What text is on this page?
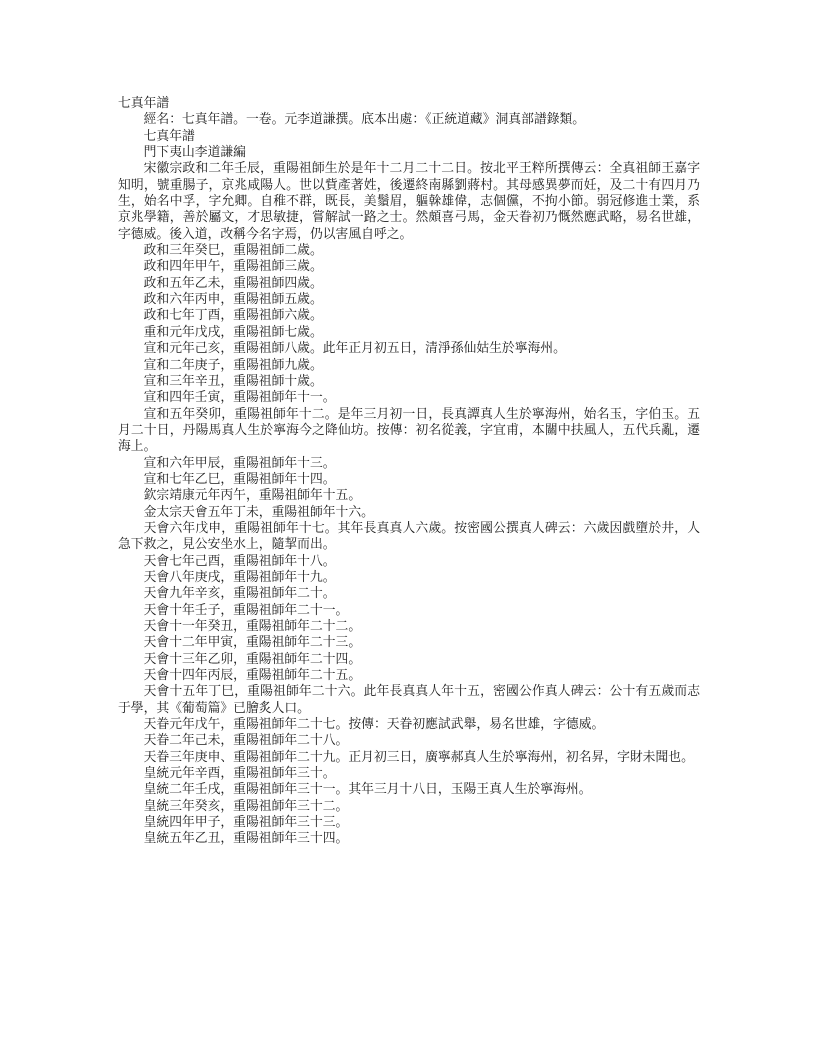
七真年譜

經名：七真年譜。一卷。元李道謙撰。底本出處：《正統道藏》洞真部譜錄類。

七真年譜

門下夷山李道謙編

宋徽宗政和二年壬辰，重陽祖師生於是年十二月二十二日。按北平王粹所撰傳云：全真祖師王嘉字知明，號重腸子，京兆咸陽人。世以貲產著姓，後遷終南縣劉蔣村。其母感異夢而妊，及二十有四月乃生，始名中孚，字允卿。自稚不群，既長，美鬚眉，軀榦雄偉，志個儻，不拘小節。弱冠修進士業，系京兆學籍，善於屬文，才思敏捷，嘗解試一路之士。然頗喜弓馬，金天眷初乃慨然應武略，易名世雄，字德威。後入道，改稱今名字焉，仍以害風自呼之。

政和三年癸巳，重陽祖師二歲。

政和四年甲午，重陽祖師三歲。

政和五年乙未，重陽祖師四歲。

政和六年丙申，重陽祖師五歲。

政和七年丁酉，重陽祖師六歲。

重和元年戊戌，重陽祖師七歲。

宣和元年己亥，重陽祖師八歲。此年正月初五日，清淨孫仙姑生於寧海州。

宣和二年庚子，重陽祖師九歲。

宣和三年辛丑，重陽祖師十歲。

宣和四年壬寅，重陽祖師年十一。

宣和五年癸卯，重陽祖師年十二。是年三月初一日，長真譚真人生於寧海州，始名玉，字伯玉。五月二十日，丹陽馬真人生於寧海今之降仙坊。按傳：初名從義，字宜甫，本關中扶風人，五代兵亂，遷海上。

宣和六年甲辰，重陽祖師年十三。

宣和七年乙巳，重陽祖師年十四。

欽宗靖康元年丙午，重陽祖師年十五。

金太宗天會五年丁未，重陽祖師年十六。

天會六年戊申，重陽祖師年十七。其年長真真人六歲。按密國公撰真人碑云：六歲因戲墮於井，人急下救之，見公安坐水上，隨挈而出。

天會七年己酉，重陽祖師年十八。

天會八年庚戌，重陽祖師年十九。

天會九年辛亥，重陽祖師年二十。

天會十年壬子，重陽祖師年二十一。

天會十一年癸丑，重陽祖師年二十二。

天會十二年甲寅，重陽祖師年二十三。

天會十三年乙卯，重陽祖師年二十四。

天會十四年丙辰，重陽祖師年二十五。

天會十五年丁巳，重陽祖師年二十六。此年長真真人年十五，密國公作真人碑云：公十有五歲而志于學，其《葡萄篇》已膾炙人口。

天眷元年戊午，重陽祖師年二十七。按傳：天眷初應試武舉，易名世雄，字德威。

天眷二年己未，重陽祖師年二十八。

天眷三年庚申、重陽祖師年二十九。正月初三日，廣寧郝真人生於寧海州，初名昇，字財未聞也。

皇統元年辛酉，重陽祖師年三十。

皇統二年壬戌，重陽祖師年三十一。其年三月十八日，玉陽王真人生於寧海州。

皇統三年癸亥，重陽祖師年三十二。

皇統四年甲子，重陽祖師年三十三。

皇統五年乙丑，重陽祖師年三十四。
